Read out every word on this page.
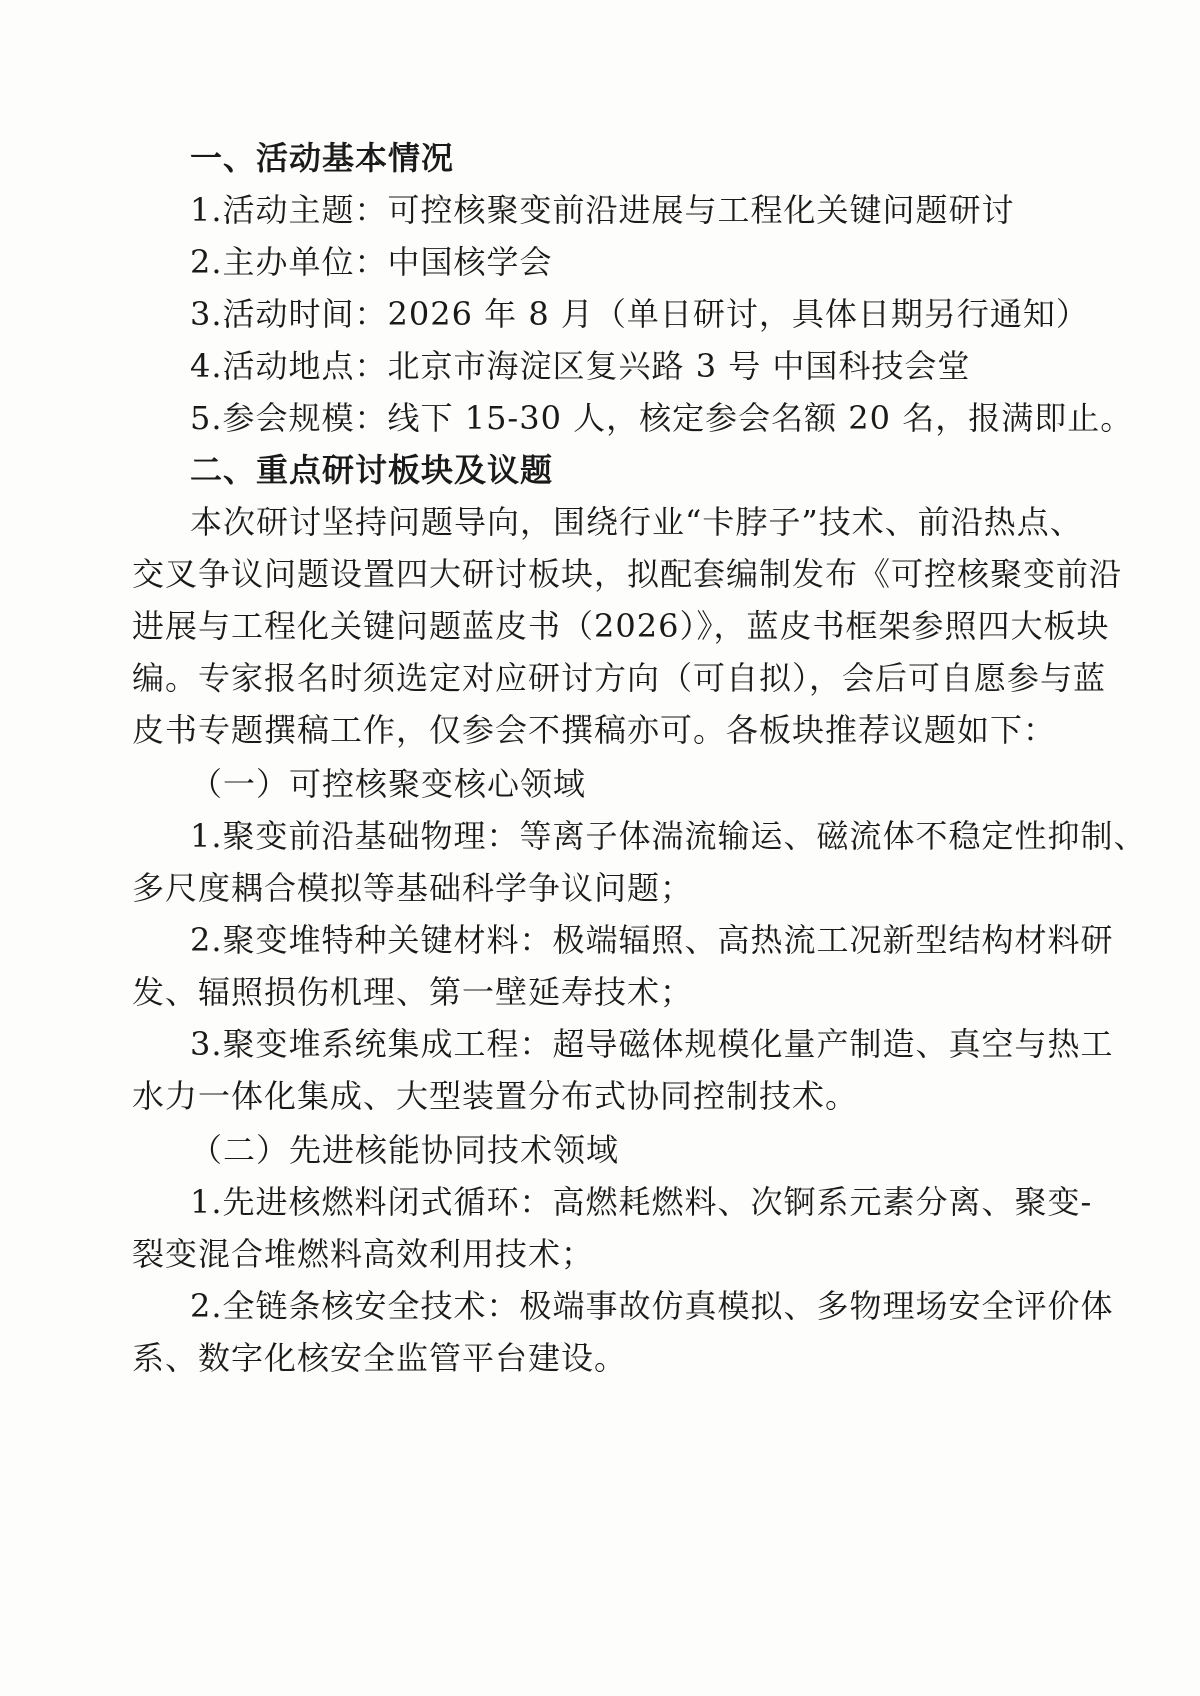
一、活动基本情况
1.活动主题：可控核聚变前沿进展与工程化关键问题研讨
2.主办单位：中国核学会
3.活动时间：2026 年 8 月（单日研讨，具体日期另行通知）
4.活动地点：北京市海淀区复兴路 3 号 中国科技会堂
5.参会规模：线下 15-30 人，核定参会名额 20 名，报满即止。
二、重点研讨板块及议题
本次研讨坚持问题导向，围绕行业“卡脖子”技术、前沿热点、
交叉争议问题设置四大研讨板块，拟配套编制发布《可控核聚变前沿
进展与工程化关键问题蓝皮书（2026）》，蓝皮书框架参照四大板块
编。专家报名时须选定对应研讨方向（可自拟），会后可自愿参与蓝
皮书专题撰稿工作，仅参会不撰稿亦可。各板块推荐议题如下：
（一）可控核聚变核心领域
1.聚变前沿基础物理：等离子体湍流输运、磁流体不稳定性抑制、
多尺度耦合模拟等基础科学争议问题；
2.聚变堆特种关键材料：极端辐照、高热流工况新型结构材料研
发、辐照损伤机理、第一壁延寿技术；
3.聚变堆系统集成工程：超导磁体规模化量产制造、真空与热工
水力一体化集成、大型装置分布式协同控制技术。
（二）先进核能协同技术领域
1.先进核燃料闭式循环：高燃耗燃料、次锕系元素分离、聚变-
裂变混合堆燃料高效利用技术；
2.全链条核安全技术：极端事故仿真模拟、多物理场安全评价体
系、数字化核安全监管平台建设。
